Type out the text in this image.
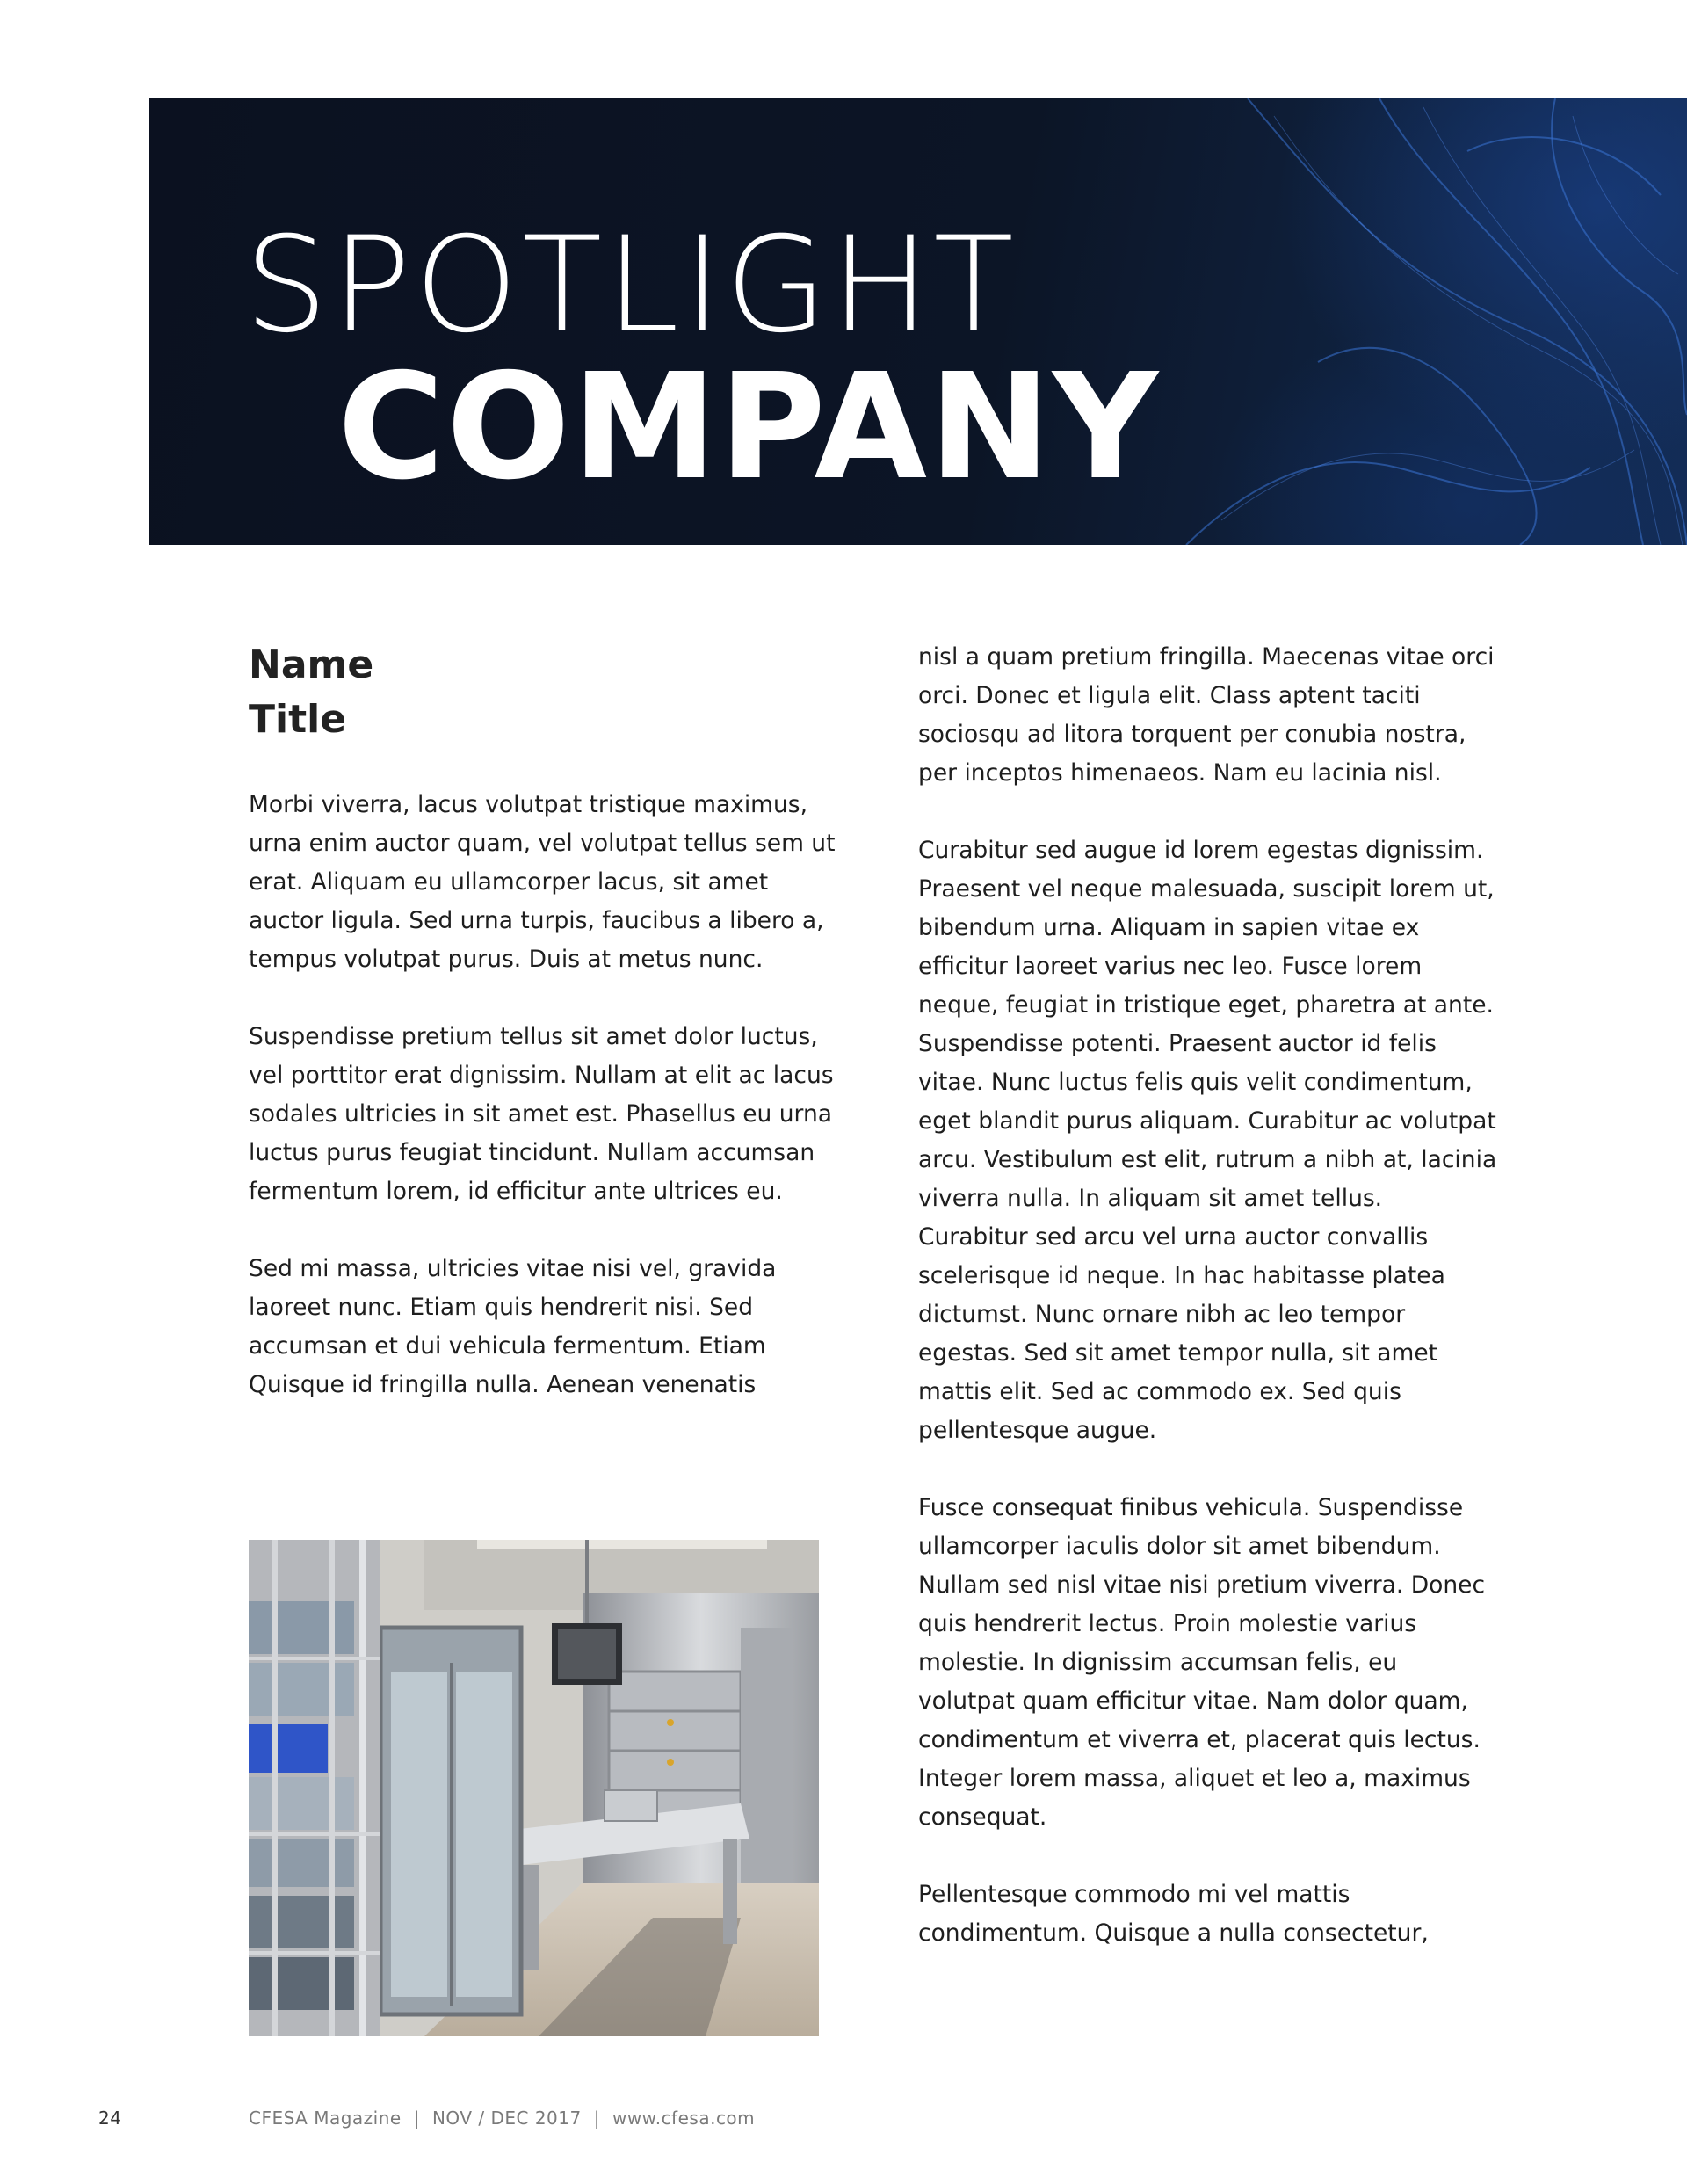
SPOTLIGHT
COMPANY
Name
Title

Morbi viverra, lacus volutpat tristique maximus, urna enim auctor quam, vel volutpat tellus sem ut erat. Aliquam eu ullamcorper lacus, sit amet auctor ligula. Sed urna turpis, faucibus a libero a, tempus volutpat purus. Duis at metus nunc.

Suspendisse pretium tellus sit amet dolor luctus, vel porttitor erat dignissim. Nullam at elit ac lacus sodales ultricies in sit amet est. Phasellus eu urna luctus purus feugiat tincidunt. Nullam accumsan fermentum lorem, id efficitur ante ultrices eu.

Sed mi massa, ultricies vitae nisi vel, gravida laoreet nunc. Etiam quis hendrerit nisi. Sed accumsan et dui vehicula fermentum. Etiam Quisque id fringilla nulla. Aenean venenatis

nisl a quam pretium fringilla. Maecenas vitae orci orci. Donec et ligula elit. Class aptent taciti sociosqu ad litora torquent per conubia nostra, per inceptos himenaeos. Nam eu lacinia nisl.

Curabitur sed augue id lorem egestas dignissim. Praesent vel neque malesuada, suscipit lorem ut, bibendum urna. Aliquam in sapien vitae ex efficitur laoreet varius nec leo. Fusce lorem neque, feugiat in tristique eget, pharetra at ante. Suspendisse potenti. Praesent auctor id felis vitae. Nunc luctus felis quis velit condimentum, eget blandit purus aliquam. Curabitur ac volutpat arcu. Vestibulum est elit, rutrum a nibh at, lacinia viverra nulla. In aliquam sit amet tellus. Curabitur sed arcu vel urna auctor convallis scelerisque id neque. In hac habitasse platea dictumst. Nunc ornare nibh ac leo tempor egestas. Sed sit amet tempor nulla, sit amet mattis elit. Sed ac commodo ex. Sed quis pellentesque augue.

Fusce consequat finibus vehicula. Suspendisse ullamcorper iaculis dolor sit amet bibendum. Nullam sed nisl vitae nisi pretium viverra. Donec quis hendrerit lectus. Proin molestie varius molestie. In dignissim accumsan felis, eu volutpat quam efficitur vitae. Nam dolor quam, condimentum et viverra et, placerat quis lectus. Integer lorem massa, aliquet et leo a, maximus consequat.

Pellentesque commodo mi vel mattis condimentum. Quisque a nulla consectetur,

24	CFESA Magazine | NOV / DEC 2017 | www.cfesa.com
